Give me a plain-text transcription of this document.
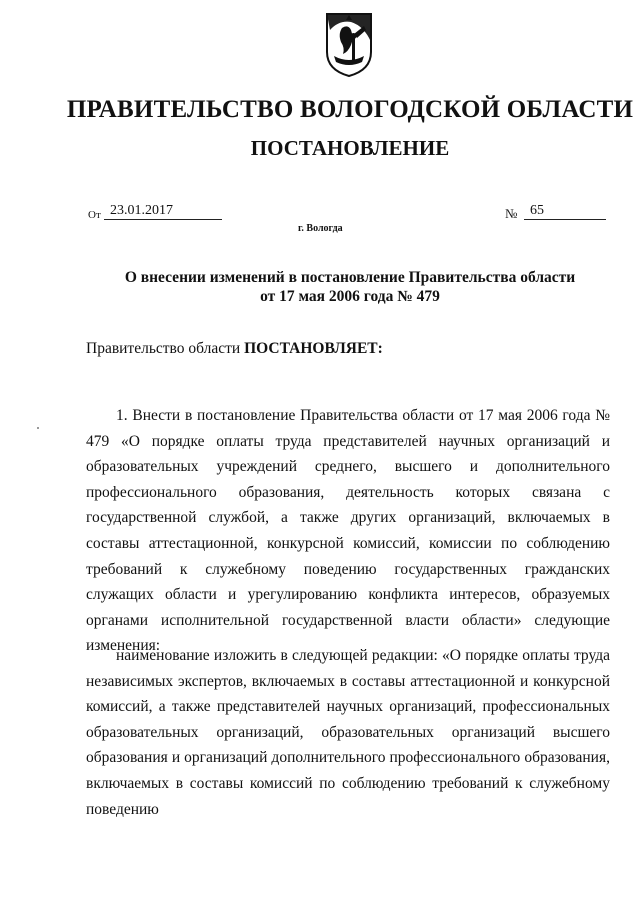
ПРАВИТЕЛЬСТВО ВОЛОГОДСКОЙ ОБЛАСТИ
ПОСТАНОВЛЕНИЕ
От 23.01.2017	№ 65
г. Вологда
О внесении изменений в постановление Правительства области
от 17 мая 2006 года № 479
Правительство области ПОСТАНОВЛЯЕТ:

1. Внести в постановление Правительства области от 17 мая 2006 года № 479 «О порядке оплаты труда представителей научных организаций и образовательных учреждений среднего, высшего и дополнительного профессионального образования, деятельность которых связана с государственной службой, а также других организаций, включаемых в составы аттестационной, конкурсной комиссий, комиссии по соблюдению требований к служебному поведению государственных гражданских служащих области и урегулированию конфликта интересов, образуемых органами исполнительной государственной власти области» следующие изменения:

наименование изложить в следующей редакции: «О порядке оплаты труда независимых экспертов, включаемых в составы аттестационной и конкурсной комиссий, а также представителей научных организаций, профессиональных образовательных организаций, образовательных организаций высшего образования и организаций дополнительного профессионального образования, включаемых в составы комиссий по соблюдению требований к служебному поведению
